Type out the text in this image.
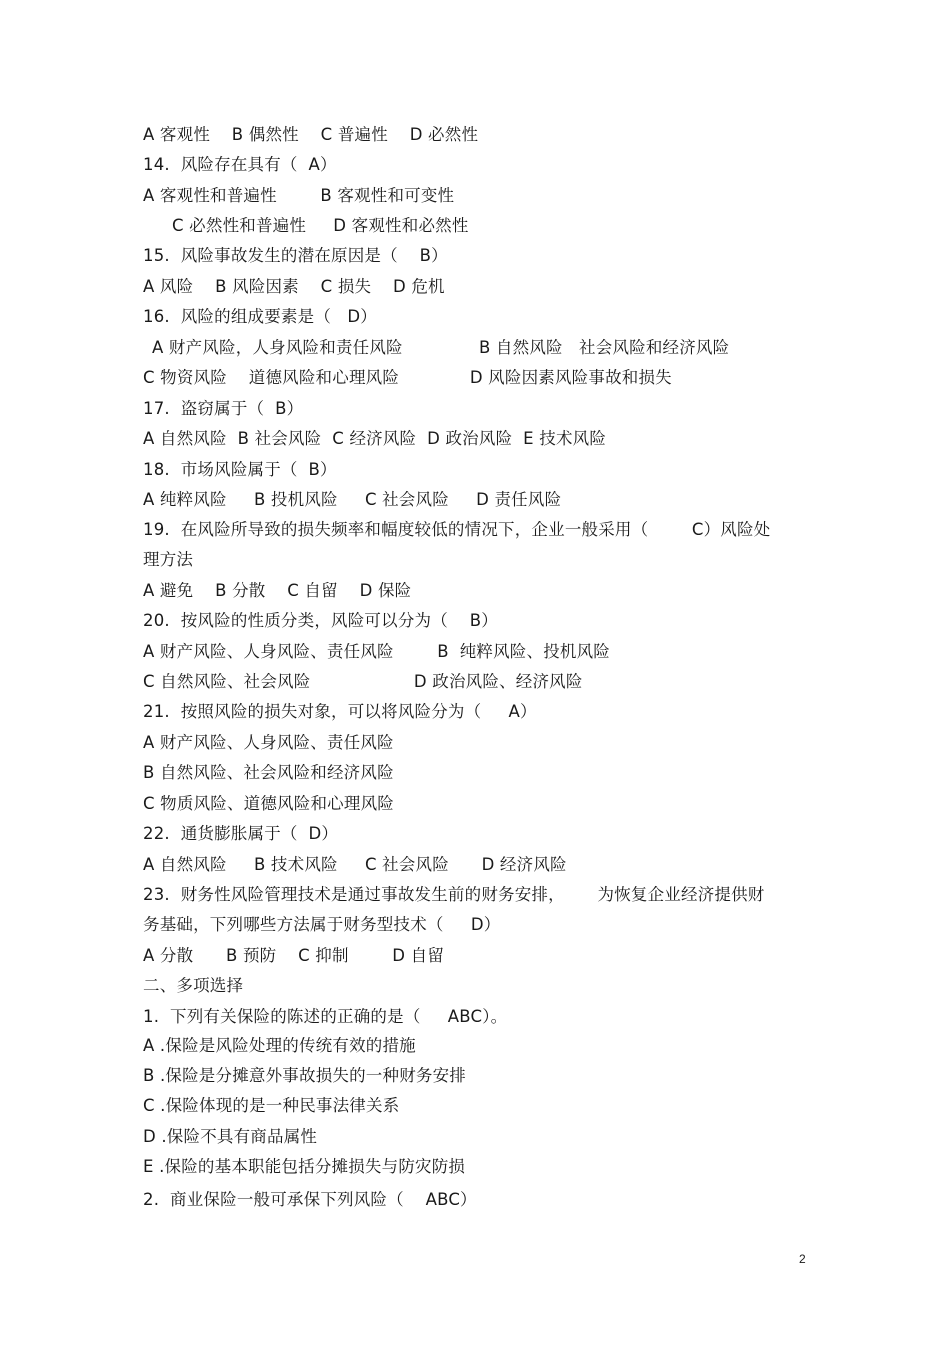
A 客观性    B 偶然性    C 普遍性    D 必然性
14.  风险存在具有（  A）
A 客观性和普遍性        B 客观性和可变性
C 必然性和普遍性     D 客观性和必然性
15.  风险事故发生的潜在原因是（    B）
A 风险    B 风险因素    C 损失    D 危机
16.  风险的组成要素是（   D）
A 财产风险，人身风险和责任风险              B 自然风险   社会风险和经济风险
C 物资风险    道德风险和心理风险             D 风险因素风险事故和损失
17.  盗窃属于（  B）
A 自然风险  B 社会风险  C 经济风险  D 政治风险  E 技术风险
18.  市场风险属于（  B）
A 纯粹风险     B 投机风险     C 社会风险     D 责任风险
19.  在风险所导致的损失频率和幅度较低的情况下，企业一般采用（        C）风险处
理方法
A 避免    B 分散    C 自留    D 保险
20.  按风险的性质分类，风险可以分为（    B）
A 财产风险、人身风险、责任风险        B  纯粹风险、投机风险
C 自然风险、社会风险                   D 政治风险、经济风险
21.  按照风险的损失对象，可以将风险分为（     A）
A 财产风险、人身风险、责任风险
B 自然风险、社会风险和经济风险
C 物质风险、道德风险和心理风险
22.  通货膨胀属于（  D）
A 自然风险     B 技术风险     C 社会风险      D 经济风险
23.  财务性风险管理技术是通过事故发生前的财务安排，      为恢复企业经济提供财
务基础，下列哪些方法属于财务型技术（     D）
A 分散      B 预防    C 抑制        D 自留
二、多项选择
1.  下列有关保险的陈述的正确的是（     ABC）。
A .保险是风险处理的传统有效的措施
B .保险是分摊意外事故损失的一种财务安排
C .保险体现的是一种民事法律关系
D .保险不具有商品属性
E .保险的基本职能包括分摊损失与防灾防损
2.  商业保险一般可承保下列风险（    ABC）
2
